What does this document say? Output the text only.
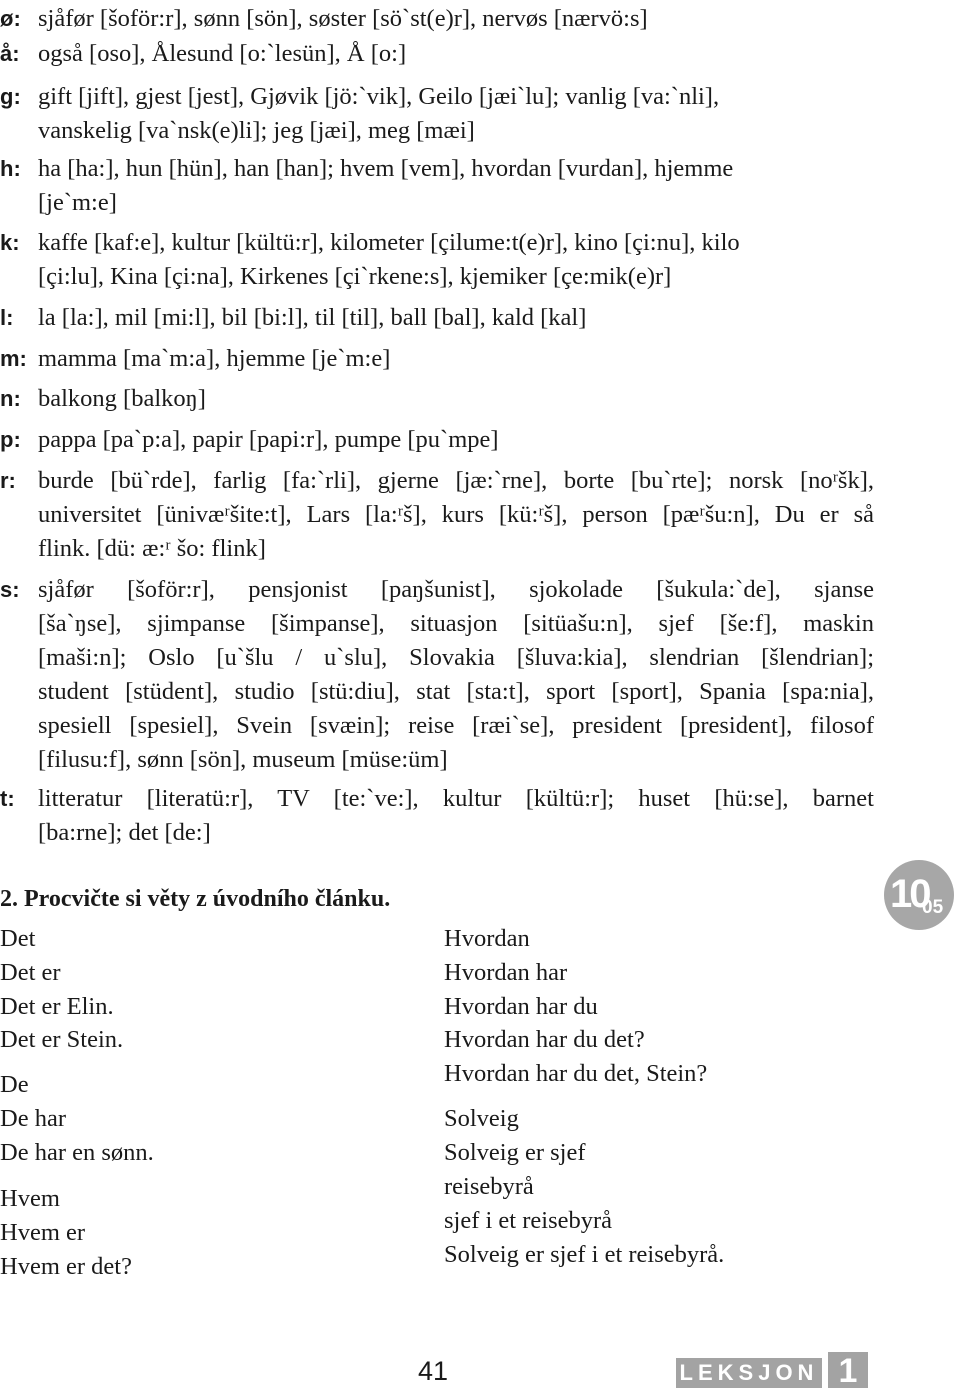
ø: sjåfør [šoför:r], sønn [sön], søster [sö`st(e)r], nervøs [nærvö:s]
å: også [oso], Ålesund [o:`lesün], Å [o:]
g: gift [jift], gjest [jest], Gjøvik [jö:`vik], Geilo [jæi`lu]; vanlig [va:`nli],
vanskelig [va`nsk(e)li]; jeg [jæi], meg [mæi]
h: ha [ha:], hun [hün], han [han]; hvem [vem], hvordan [vurdan], hjemme
[je`m:e]
k: kaffe [kaf:e], kultur [kültü:r], kilometer [çilume:t(e)r], kino [çi:nu], kilo
[çi:lu], Kina [çi:na], Kirkenes [çi`rkene:s], kjemiker [çe:mik(e)r]
l: la [la:], mil [mi:l], bil [bi:l], til [til], ball [bal], kald [kal]
m: mamma [ma`m:a], hjemme [je`m:e]
n: balkong [balkoŋ]
p: pappa [pa`p:a], papir [papi:r], pumpe [pu`mpe]
r: burde [bü`rde], farlig [fa:`rli], gjerne [jæ:`rne], borte [bu`rte]; norsk [noʳšk],
universitet [ünivæʳšite:t], Lars [la:ʳš], kurs [kü:ʳš], person [pæʳšu:n], Du er så
flink. [dü: æ:ʳ šo: flink]
s: sjåfør [šoför:r], pensjonist [paŋšunist], sjokolade [šukula:`de], sjanse
[ša`ŋse], sjimpanse [šimpanse], situasjon [sitüašu:n], sjef [še:f], maskin
[maši:n]; Oslo [u`šlu / u`slu], Slovakia [šluva:kia], slendrian [šlendrian];
student [stüdent], studio [stü:diu], stat [sta:t], sport [sport], Spania [spa:nia],
spesiell [spesiel], Svein [svæin]; reise [ræi`se], president [president], filosof
[filusu:f], sønn [sön], museum [müse:üm]
t: litteratur [literatü:r], TV [te:`ve:], kultur [kültü:r]; huset [hü:se], barnet
[ba:rne]; det [de:]
2. Procvičte si věty z úvodního článku.	10
05
Det
Det er
Det er Elin.
Det er Stein.
De
De har
De har en sønn.
Hvem
Hvem er
Hvem er det?
Hvordan
Hvordan har
Hvordan har du
Hvordan har du det?
Hvordan har du det, Stein?
Solveig
Solveig er sjef
reisebyrå
sjef i et reisebyrå
Solveig er sjef i et reisebyrå.
41	LEKSJON 1
